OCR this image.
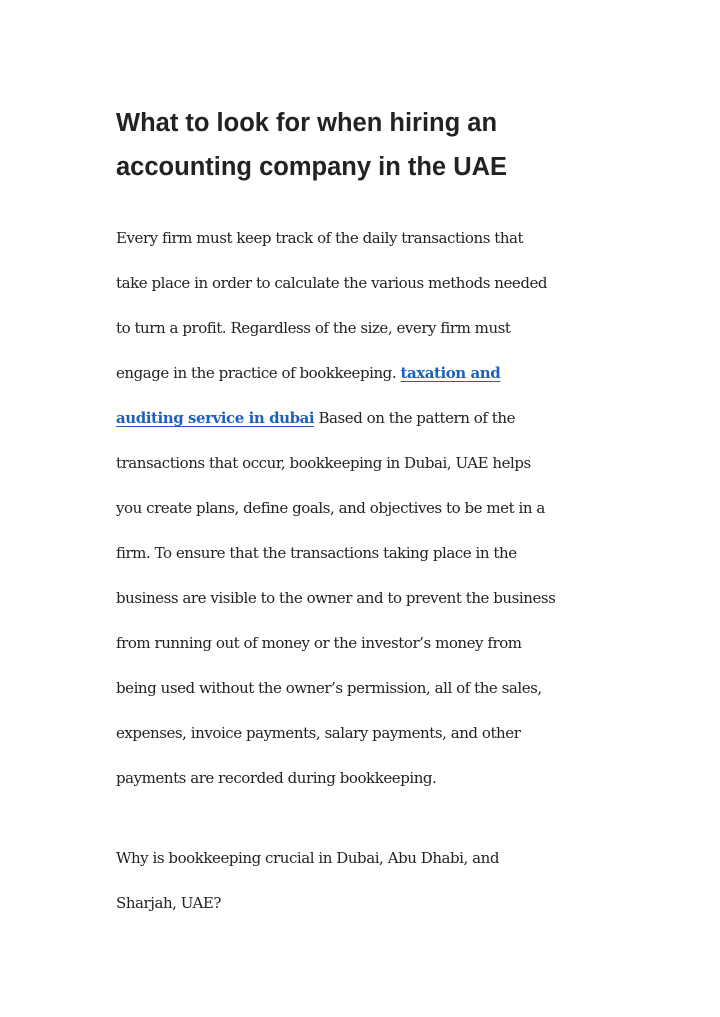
What to look for when hiring an accounting company in the UAE
Every firm must keep track of the daily transactions that
take place in order to calculate the various methods needed
to turn a profit. Regardless of the size, every firm must
engage in the practice of bookkeeping. taxation and
auditing service in dubai Based on the pattern of the
transactions that occur, bookkeeping in Dubai, UAE helps
you create plans, define goals, and objectives to be met in a
firm. To ensure that the transactions taking place in the
business are visible to the owner and to prevent the business
from running out of money or the investor’s money from
being used without the owner’s permission, all of the sales,
expenses, invoice payments, salary payments, and other
payments are recorded during bookkeeping.
Why is bookkeeping crucial in Dubai, Abu Dhabi, and
Sharjah, UAE?
